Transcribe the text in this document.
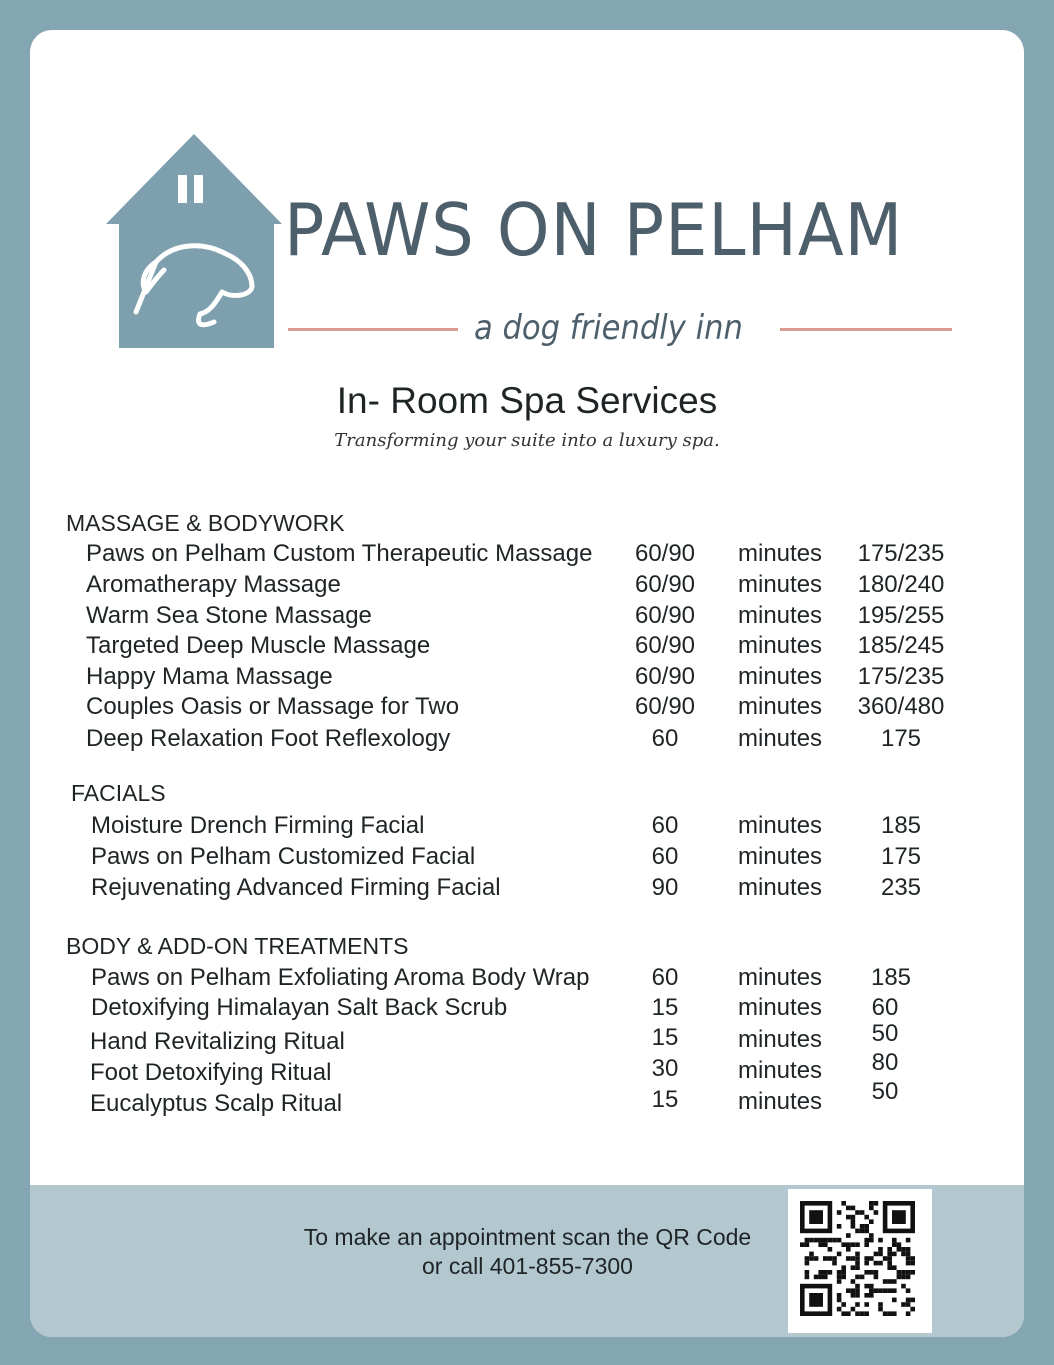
PAWS ON PELHAM
a dog friendly inn
In- Room Spa Services
Transforming your suite into a luxury spa.
MASSAGE & BODYWORK
Paws on Pelham Custom Therapeutic Massage	60/90	minutes	175/235
Aromatherapy Massage	60/90	minutes	180/240
Warm Sea Stone Massage	60/90	minutes	195/255
Targeted Deep Muscle Massage	60/90	minutes	185/245
Happy Mama Massage	60/90	minutes	175/235
Couples Oasis or Massage for Two	60/90	minutes	360/480
Deep Relaxation Foot Reflexology	60	minutes	175
FACIALS
Moisture Drench Firming Facial	60	minutes	185
Paws on Pelham Customized Facial	60	minutes	175
Rejuvenating Advanced Firming Facial	90	minutes	235
BODY & ADD-ON TREATMENTS
Paws on Pelham Exfoliating Aroma Body Wrap	60	minutes	185
Detoxifying Himalayan Salt Back Scrub	15	minutes	60
Hand Revitalizing Ritual	15	minutes	50
Foot Detoxifying Ritual	30	minutes	80
Eucalyptus Scalp Ritual	15	minutes	50
To make an appointment scan the QR Code
or call 401-855-7300
